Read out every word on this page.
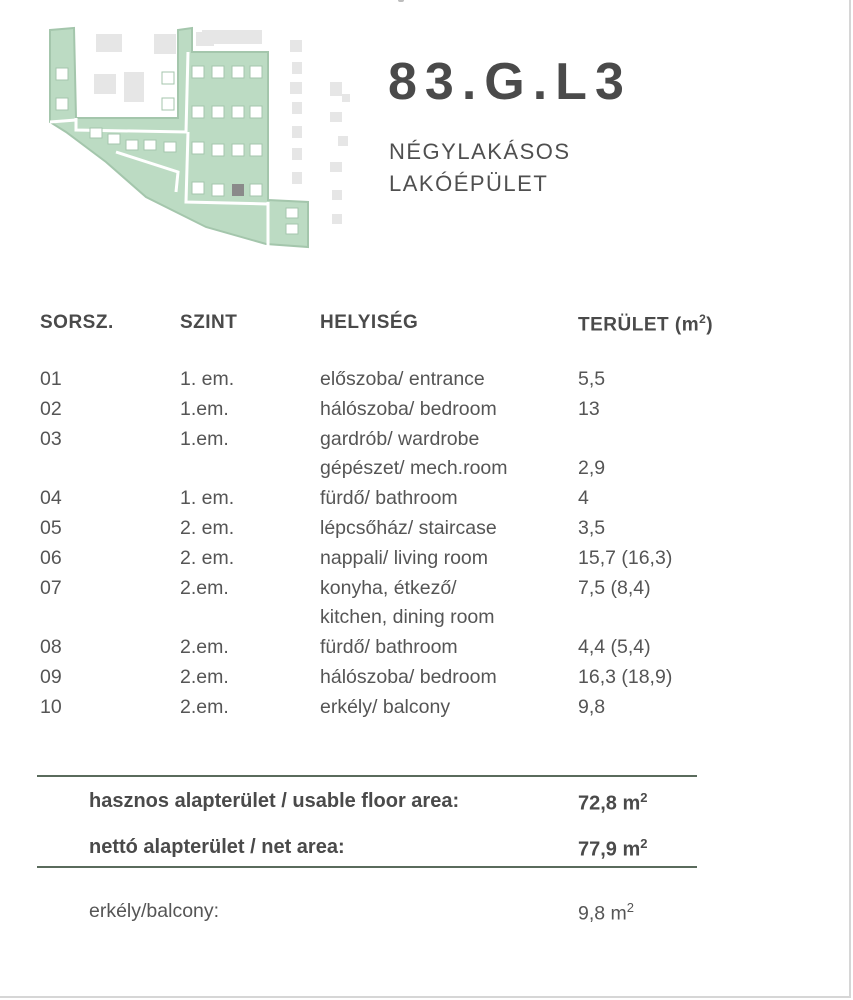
83.G.L3
NÉGYLAKÁSOS
LAKÓÉPÜLET
SORSZ.	SZINT	HELYISÉG	TERÜLET $(m^2)$
01	1. em.	előszoba/ entrance	5,5
02	1.em.	hálószoba/ bedroom	13
03	1.em.	gardrób/ wardrobe
gépészet/ mech.room	2,9
04	1. em.	fürdő/ bathroom	4
05	2. em.	lépcsőház/ staircase	3,5
06	2. em.	nappali/ living room	15,7 (16,3)
07	2.em.	konyha, étkező/	7,5 (8,4)
kitchen, dining room
08	2.em.	fürdő/ bathroom	4,4 (5,4)
09	2.em.	hálószoba/ bedroom	16,3 (18,9)
10	2.em.	erkély/ balcony	9,8
hasznos alapterület / usable floor area:	72,8 $m^2$
nettó alapterület / net area:	77,9 $m^2$
erkély/balcony:	9,8 $m^2$
